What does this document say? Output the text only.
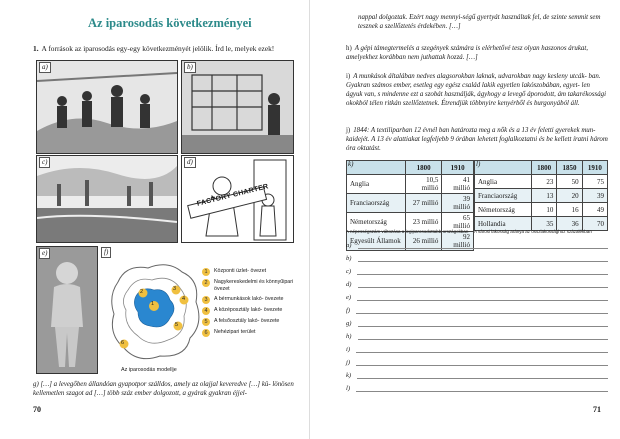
Az iparosodás következményei
1. A források az iparosodás egy-egy következményét jelölik. Írd le, melyek ezek!
a)	b)
c)
FACTORY CHARTER
d)
e)	f)
1
2	3
4
5
6
1	Központi üzlet- övezet
2	Nagykereskedelmi és könnyűipari övezet
3	A bérmunkások lakó- övezete
4	A középosztály lakó- övezete
5	A felsőosztály lakó- övezete
6	Nehézipari terület
Az iparosodás modellje
g) […] a levegőben állandóan gyapotpor szálldos, amely az olajjal keveredve […] kü- lönösen kellemetlen szagot ad […] több száz ember dolgozott, a gyárak gyakran éjjel-
70
nappal dolgoztak. Ezért nagy mennyi-ségű gyertyát használtak fel, de szinte semmit sem tesznek a szellőztetés érdekében. […]
h) A gépi támegtermelés a szegények számára is elérhetővé tesz olyan haszonos árukat, amelyekhez korábban nem juthattak hozzá. […]
i) A munkások általában nedves alagsorokban laknak, udvarokban nagy kesleny utcák- ban. Gyakran számos ember, esetleg egy egész család lakik egyetlen lakószobában, egyet- len ágyuk van, s mindenne ezt a szobát használják, ágyhogy a levegő áporodott, ám takarékossági okokból télen ritkán szellőztetnek. Étrendjük többnyire kenyérből és burgonyából áll.
j) 1844: A textiliparban 12 évnél ban határozta meg a nők és a 13 év feletti gyerekek mun- kaidejét. A 13 év alattiakat legfeljebb 9 órában lehetett foglalkoztatni és be kellett íratni három óra oktatást.
	1800	1910
Anglia	10,5 millió	41 millió
Franciaország	27 millió	39 millió
Németország	23 millió	65 millió
Egyesült Államok	26 millió	92 millió
k)
A népességszám változása a legiparosodottabb országokban
	1800	1850	1910
Anglia	23	50	75
Franciaország	13	20	39
Németország	10	16	49
Hollandia	35	36	70
l)
A városi lakosság aránya az összlakossághoz százalékban
a)
b)
c)
d)
e)
f)
g)
h)
i)
j)
k)
l)
71
